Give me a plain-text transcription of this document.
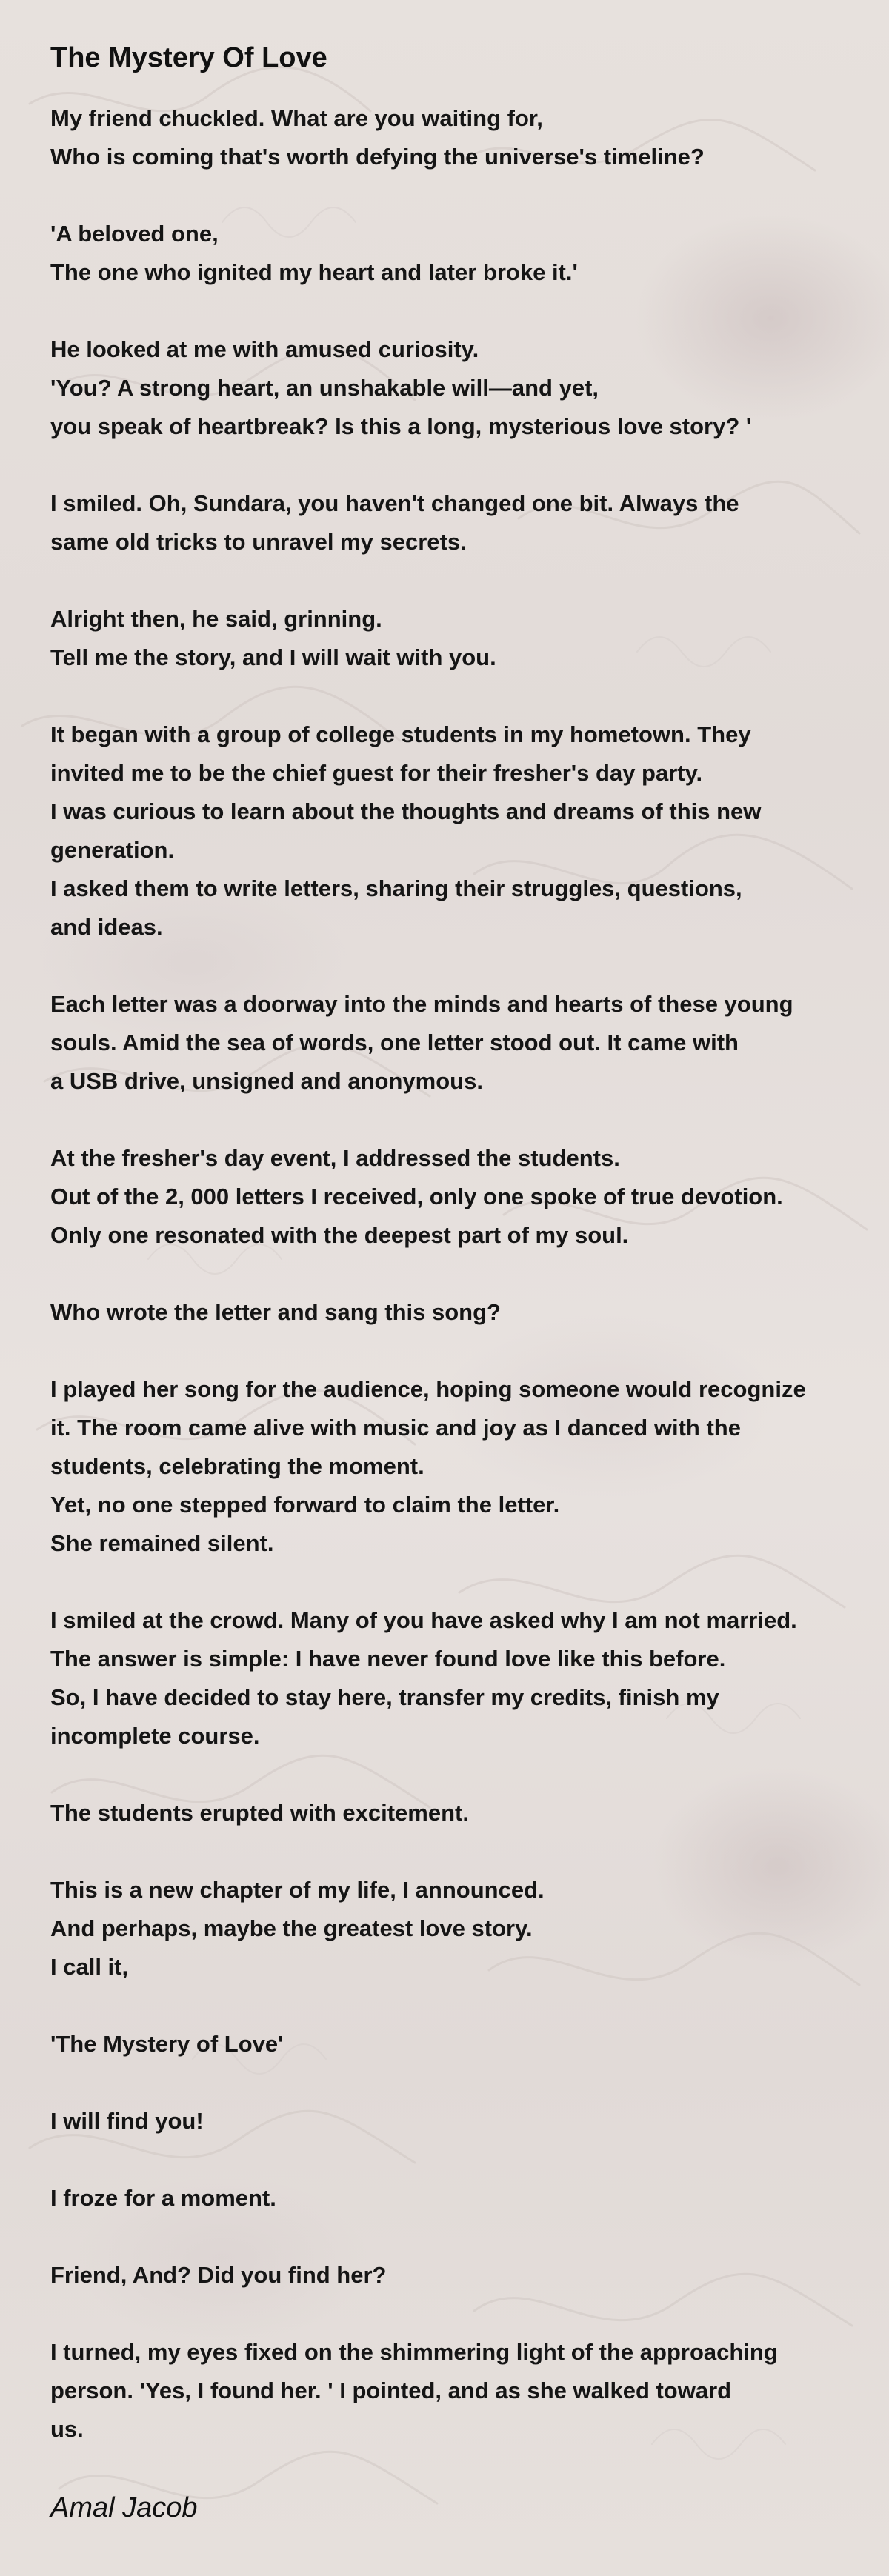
The Mystery Of Love
My friend chuckled. What are you waiting for,
Who is coming that's worth defying the universe's timeline?
'A beloved one,
The one who ignited my heart and later broke it.'
He looked at me with amused curiosity.
'You? A strong heart, an unshakable will—and yet,
you speak of heartbreak? Is this a long, mysterious love story? '
I smiled. Oh, Sundara, you haven't changed one bit. Always the
same old tricks to unravel my secrets.
Alright then, he said, grinning.
Tell me the story, and I will wait with you.
It began with a group of college students in my hometown. They
invited me to be the chief guest for their fresher's day party.
I was curious to learn about the thoughts and dreams of this new
generation.
I asked them to write letters, sharing their struggles, questions,
and ideas.
Each letter was a doorway into the minds and hearts of these young
souls. Amid the sea of words, one letter stood out. It came with
a USB drive, unsigned and anonymous.
At the fresher's day event, I addressed the students.
Out of the 2, 000 letters I received, only one spoke of true devotion.
Only one resonated with the deepest part of my soul.
Who wrote the letter and sang this song?
I played her song for the audience, hoping someone would recognize
it. The room came alive with music and joy as I danced with the
students, celebrating the moment.
Yet, no one stepped forward to claim the letter.
She remained silent.
I smiled at the crowd. Many of you have asked why I am not married.
The answer is simple: I have never found love like this before.
So, I have decided to stay here, transfer my credits, finish my
incomplete course.
The students erupted with excitement.
This is a new chapter of my life, I announced.
And perhaps, maybe the greatest love story.
I call it,
'The Mystery of Love'
I will find you!
I froze for a moment.
Friend, And? Did you find her?
I turned, my eyes fixed on the shimmering light of the approaching
person. 'Yes, I found her. ' I pointed, and as she walked toward
us.
Amal Jacob
